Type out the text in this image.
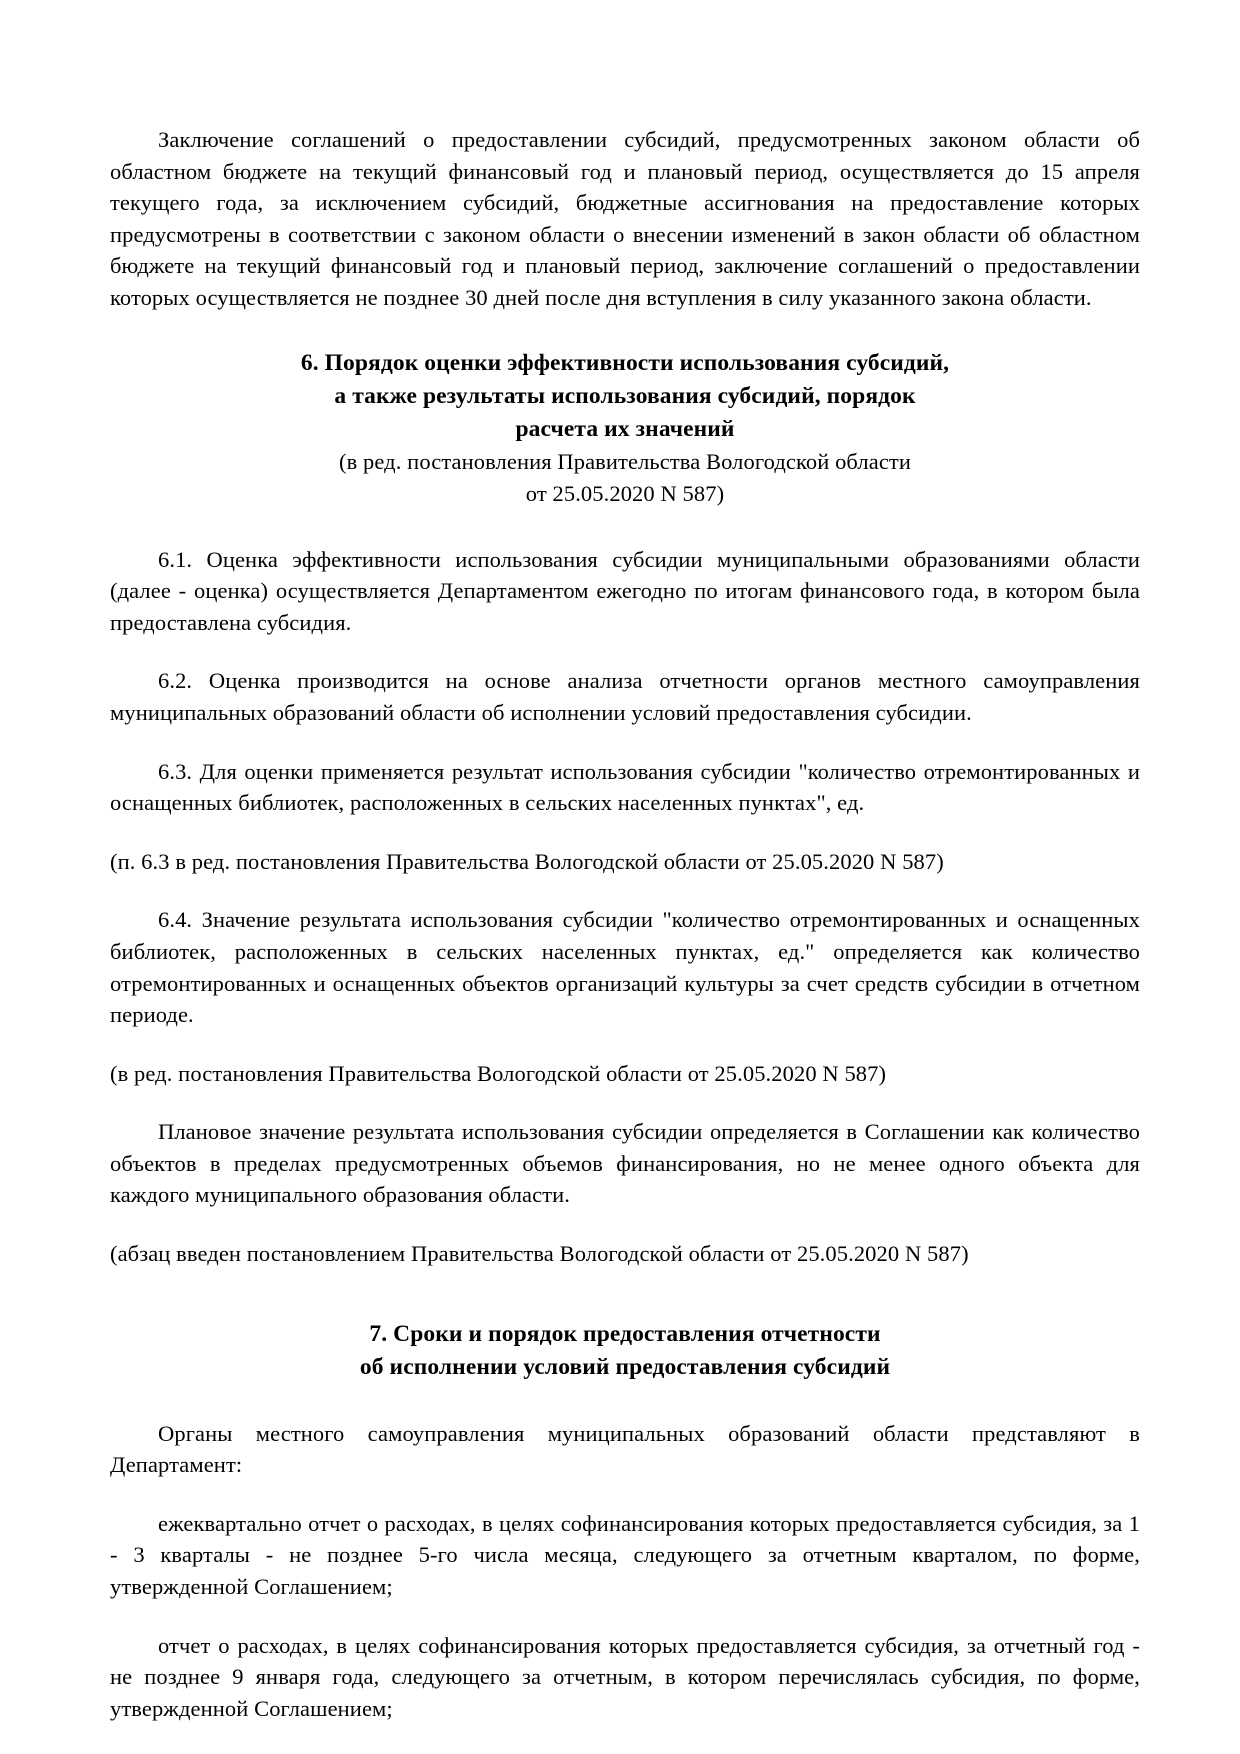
Заключение соглашений о предоставлении субсидий, предусмотренных законом области об областном бюджете на текущий финансовый год и плановый период, осуществляется до 15 апреля текущего года, за исключением субсидий, бюджетные ассигнования на предоставление которых предусмотрены в соответствии с законом области о внесении изменений в закон области об областном бюджете на текущий финансовый год и плановый период, заключение соглашений о предоставлении которых осуществляется не позднее 30 дней после дня вступления в силу указанного закона области.

6. Порядок оценки эффективности использования субсидий,

а также результаты использования субсидий, порядок

расчета их значений

(в ред. постановления Правительства Вологодской области

от 25.05.2020 N 587)

6.1. Оценка эффективности использования субсидии муниципальными образованиями области (далее - оценка) осуществляется Департаментом ежегодно по итогам финансового года, в котором была предоставлена субсидия.

6.2. Оценка производится на основе анализа отчетности органов местного самоуправления муниципальных образований области об исполнении условий предоставления субсидии.

6.3. Для оценки применяется результат использования субсидии "количество отремонтированных и оснащенных библиотек, расположенных в сельских населенных пунктах", ед.

(п. 6.3 в ред. постановления Правительства Вологодской области от 25.05.2020 N 587)

6.4. Значение результата использования субсидии "количество отремонтированных и оснащенных библиотек, расположенных в сельских населенных пунктах, ед." определяется как количество отремонтированных и оснащенных объектов организаций культуры за счет средств субсидии в отчетном периоде.

(в ред. постановления Правительства Вологодской области от 25.05.2020 N 587)

Плановое значение результата использования субсидии определяется в Соглашении как количество объектов в пределах предусмотренных объемов финансирования, но не менее одного объекта для каждого муниципального образования области.

(абзац введен постановлением Правительства Вологодской области от 25.05.2020 N 587)

7. Сроки и порядок предоставления отчетности

об исполнении условий предоставления субсидий

Органы местного самоуправления муниципальных образований области представляют в Департамент:

ежеквартально отчет о расходах, в целях софинансирования которых предоставляется субсидия, за 1 - 3 кварталы - не позднее 5-го числа месяца, следующего за отчетным кварталом, по форме, утвержденной Соглашением;

отчет о расходах, в целях софинансирования которых предоставляется субсидия, за отчетный год - не позднее 9 января года, следующего за отчетным, в котором перечислялась субсидия, по форме, утвержденной Соглашением;
